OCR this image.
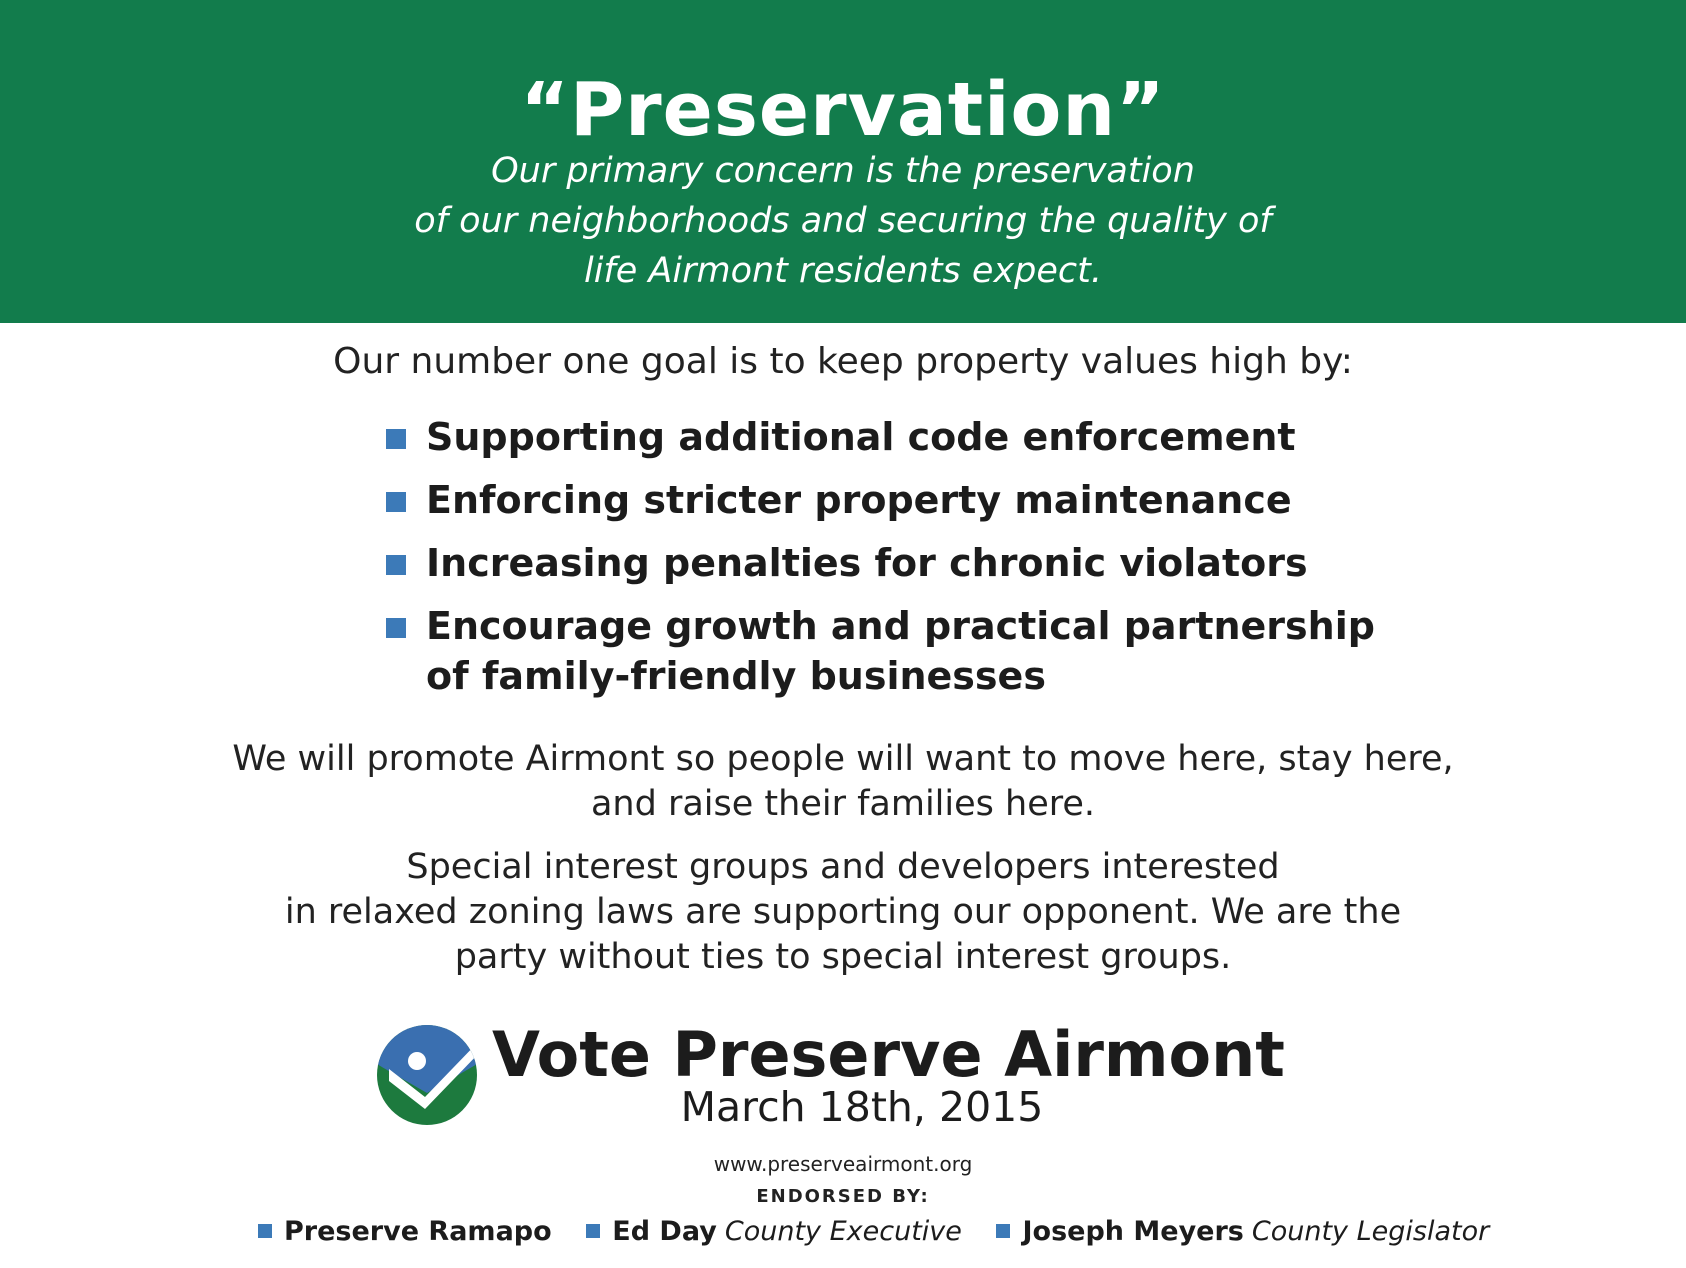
“Preservation”
Our primary concern is the preservation
of our neighborhoods and securing the quality of
life Airmont residents expect.
Our number one goal is to keep property values high by:
Supporting additional code enforcement
Enforcing stricter property maintenance
Increasing penalties for chronic violators
Encourage growth and practical partnership of family-friendly businesses
We will promote Airmont so people will want to move here, stay here,
and raise their families here.
Special interest groups and developers interested
in relaxed zoning laws are supporting our opponent. We are the
party without ties to special interest groups.
Vote Preserve Airmont
March 18th, 2015
www.preserveairmont.org
ENDORSED BY:
Preserve Ramapo Ed Day County Executive Joseph Meyers County Legislator
